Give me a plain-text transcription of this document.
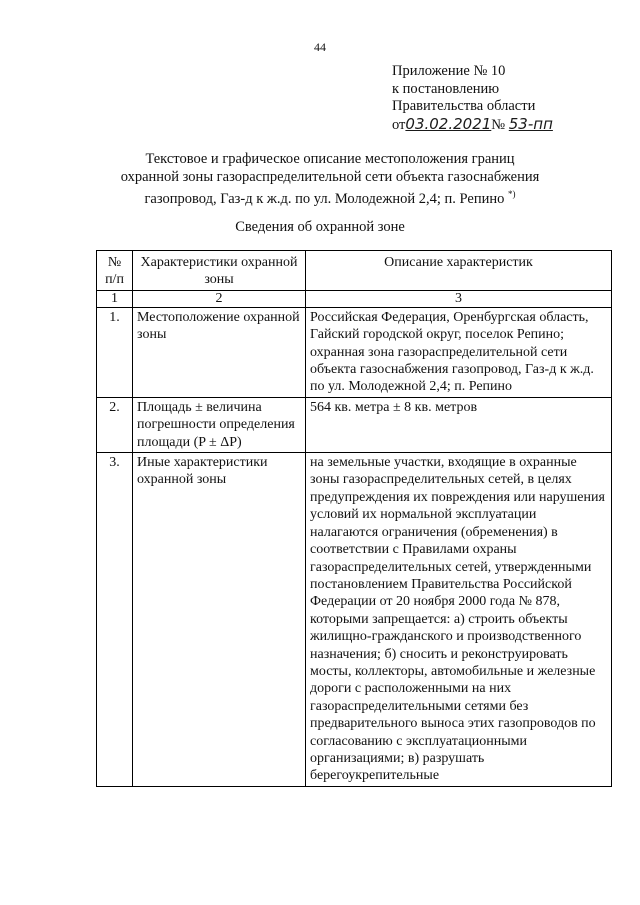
44
Приложение № 10
к постановлению
Правительства области
от03.02.2021№ 53-пп
Текстовое и графическое описание местоположения границ
охранной зоны газораспределительной сети объекта газоснабжения
газопровод, Газ-д к ж.д. по ул. Молодежной 2,4; п. Репино *)
Сведения об охранной зоне
№ п/п	Характеристики охранной зоны	Описание характеристик
1	2	3
1.	Местоположение охранной зоны	Российская Федерация, Оренбургская область, Гайский городской округ, поселок Репино; охранная зона газораспределительной сети объекта газоснабжения газопровод, Газ-д к ж.д. по ул. Молодежной 2,4; п. Репино
2.	Площадь ± величина погрешности определения площади (P ± ΔP)	564 кв. метра ± 8 кв. метров
3.	Иные характеристики охранной зоны	на земельные участки, входящие в охранные зоны газораспределительных сетей, в целях предупреждения их повреждения или нарушения условий их нормальной эксплуатации налагаются ограничения (обременения) в соответствии с Правилами охраны газораспределительных сетей, утвержденными постановлением Правительства Российской Федерации от 20 ноября 2000 года № 878, которыми запрещается: а) строить объекты жилищно-гражданского и производственного назначения; б) сносить и реконструировать мосты, коллекторы, автомобильные и железные дороги с расположенными на них газораспределительными сетями без предварительного выноса этих газопроводов по согласованию с эксплуатационными организациями; в) разрушать берегоукрепительные
